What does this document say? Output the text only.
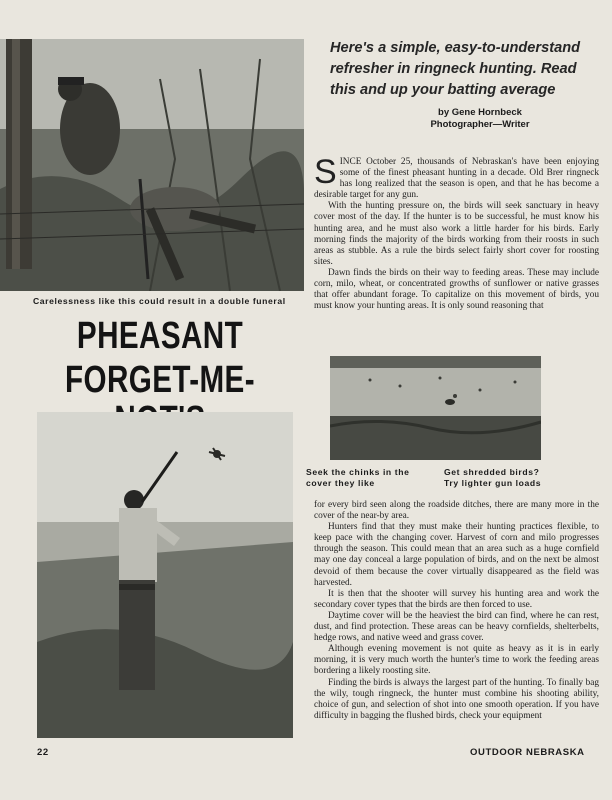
Carelessness like this could result in a double funeral
PHEASANT
FORGET-ME-
Here's a simple, easy-to-understand refresher in ringneck hunting. Read this and up your batting average
by Gene Hornbeck
Photographer—Writer

SINCE October 25, thousands of Nebraskan's have been enjoying some of the finest pheasant hunting in a decade. Old Brer ringneck has long realized that the season is open, and that he has become a desirable target for any gun.

With the hunting pressure on, the birds will seek sanctuary in heavy cover most of the day. If the hunter is to be successful, he must know his hunting area, and he must also work a little harder for his birds. Early morning finds the majority of the birds working from their roosts in such areas as stubble. As a rule the birds select fairly short cover for roosting sites.

Dawn finds the birds on their way to feeding areas. These may include corn, milo, wheat, or concentrated growths of sunflower or native grasses that offer abundant forage. To capitalize on this movement of birds, you must know your hunting areas. It is only sound reasoning that

Seek the chinks in the cover they like
Get shredded birds? Try lighter gun loads

for every bird seen along the roadside ditches, there are many more in the cover of the near-by area.

Hunters find that they must make their hunting practices flexible, to keep pace with the changing cover. Harvest of corn and milo progresses through the season. This could mean that an area such as a huge cornfield may one day conceal a large population of birds, and on the next be almost devoid of them because the cover virtually disappeared as the field was harvested.

It is then that the shooter will survey his hunting area and work the secondary cover types that the birds are then forced to use.

Daytime cover will be the heaviest the bird can find, where he can rest, dust, and find protection. These areas can be heavy cornfields, shelterbelts, hedge rows, and native weed and grass cover.

Although evening movement is not quite as heavy as it is in early morning, it is very much worth the hunter's time to work the feeding areas bordering a likely roosting site.

Finding the birds is always the largest part of the hunting. To finally bag the wily, tough ringneck, the hunter must combine his shooting ability, choice of gun, and selection of shot into one smooth operation. If you have difficulty in bagging the flushed birds, check your equipment

22	OUTDOOR NEBRASKA
